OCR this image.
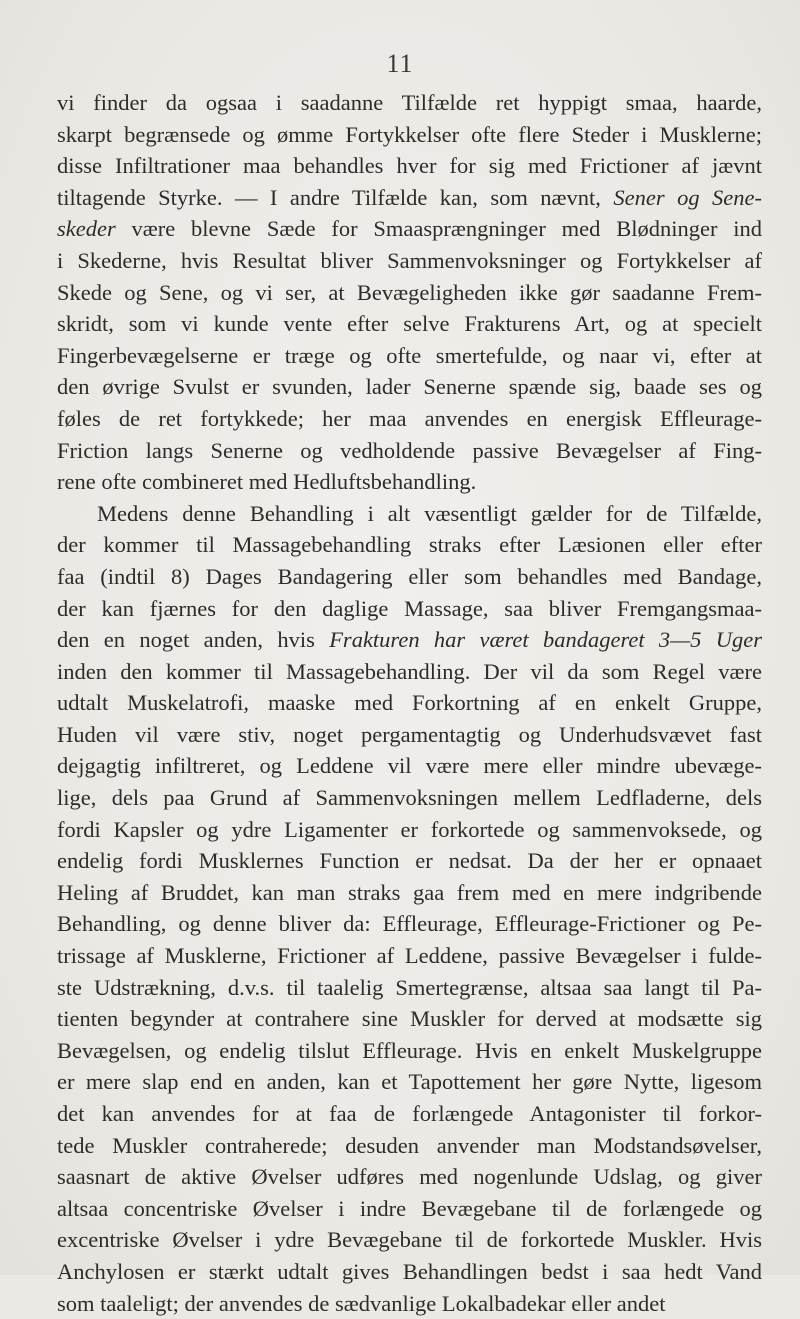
11
vi finder da ogsaa i saadanne Tilfælde ret hyppigt smaa, haarde,
skarpt begrænsede og ømme Fortykkelser ofte flere Steder i Musklerne;
disse Infiltrationer maa behandles hver for sig med Frictioner af jævnt
tiltagende Styrke. — I andre Tilfælde kan, som nævnt, Sener og Sene-
skeder være blevne Sæde for Smaasprængninger med Blødninger ind
i Skederne, hvis Resultat bliver Sammenvoksninger og Fortykkelser af
Skede og Sene, og vi ser, at Bevægeligheden ikke gør saadanne Frem-
skridt, som vi kunde vente efter selve Frakturens Art, og at specielt
Fingerbevægelserne er træge og ofte smertefulde, og naar vi, efter at
den øvrige Svulst er svunden, lader Senerne spænde sig, baade ses og
føles de ret fortykkede; her maa anvendes en energisk Effleurage-
Friction langs Senerne og vedholdende passive Bevægelser af Fing-
rene ofte combineret med Hedluftsbehandling.
Medens denne Behandling i alt væsentligt gælder for de Tilfælde,
der kommer til Massagebehandling straks efter Læsionen eller efter
faa (indtil 8) Dages Bandagering eller som behandles med Bandage,
der kan fjærnes for den daglige Massage, saa bliver Fremgangsmaa-
den en noget anden, hvis Frakturen har været bandageret 3—5 Uger
inden den kommer til Massagebehandling. Der vil da som Regel være
udtalt Muskelatrofi, maaske med Forkortning af en enkelt Gruppe,
Huden vil være stiv, noget pergamentagtig og Underhudsvævet fast
dejgagtig infiltreret, og Leddene vil være mere eller mindre ubevæge-
lige, dels paa Grund af Sammenvoksningen mellem Ledfladerne, dels
fordi Kapsler og ydre Ligamenter er forkortede og sammenvoksede, og
endelig fordi Musklernes Function er nedsat. Da der her er opnaaet
Heling af Bruddet, kan man straks gaa frem med en mere indgribende
Behandling, og denne bliver da: Effleurage, Effleurage-Frictioner og Pe-
trissage af Musklerne, Frictioner af Leddene, passive Bevægelser i fulde-
ste Udstrækning, d.v.s. til taalelig Smertegrænse, altsaa saa langt til Pa-
tienten begynder at contrahere sine Muskler for derved at modsætte sig
Bevægelsen, og endelig tilslut Effleurage. Hvis en enkelt Muskelgruppe
er mere slap end en anden, kan et Tapottement her gøre Nytte, ligesom
det kan anvendes for at faa de forlængede Antagonister til forkor-
tede Muskler contraherede; desuden anvender man Modstandsøvelser,
saasnart de aktive Øvelser udføres med nogenlunde Udslag, og giver
altsaa concentriske Øvelser i indre Bevægebane til de forlængede og
excentriske Øvelser i ydre Bevægebane til de forkortede Muskler. Hvis
Anchylosen er stærkt udtalt gives Behandlingen bedst i saa hedt Vand
som taaleligt; der anvendes de sædvanlige Lokalbadekar eller andet
